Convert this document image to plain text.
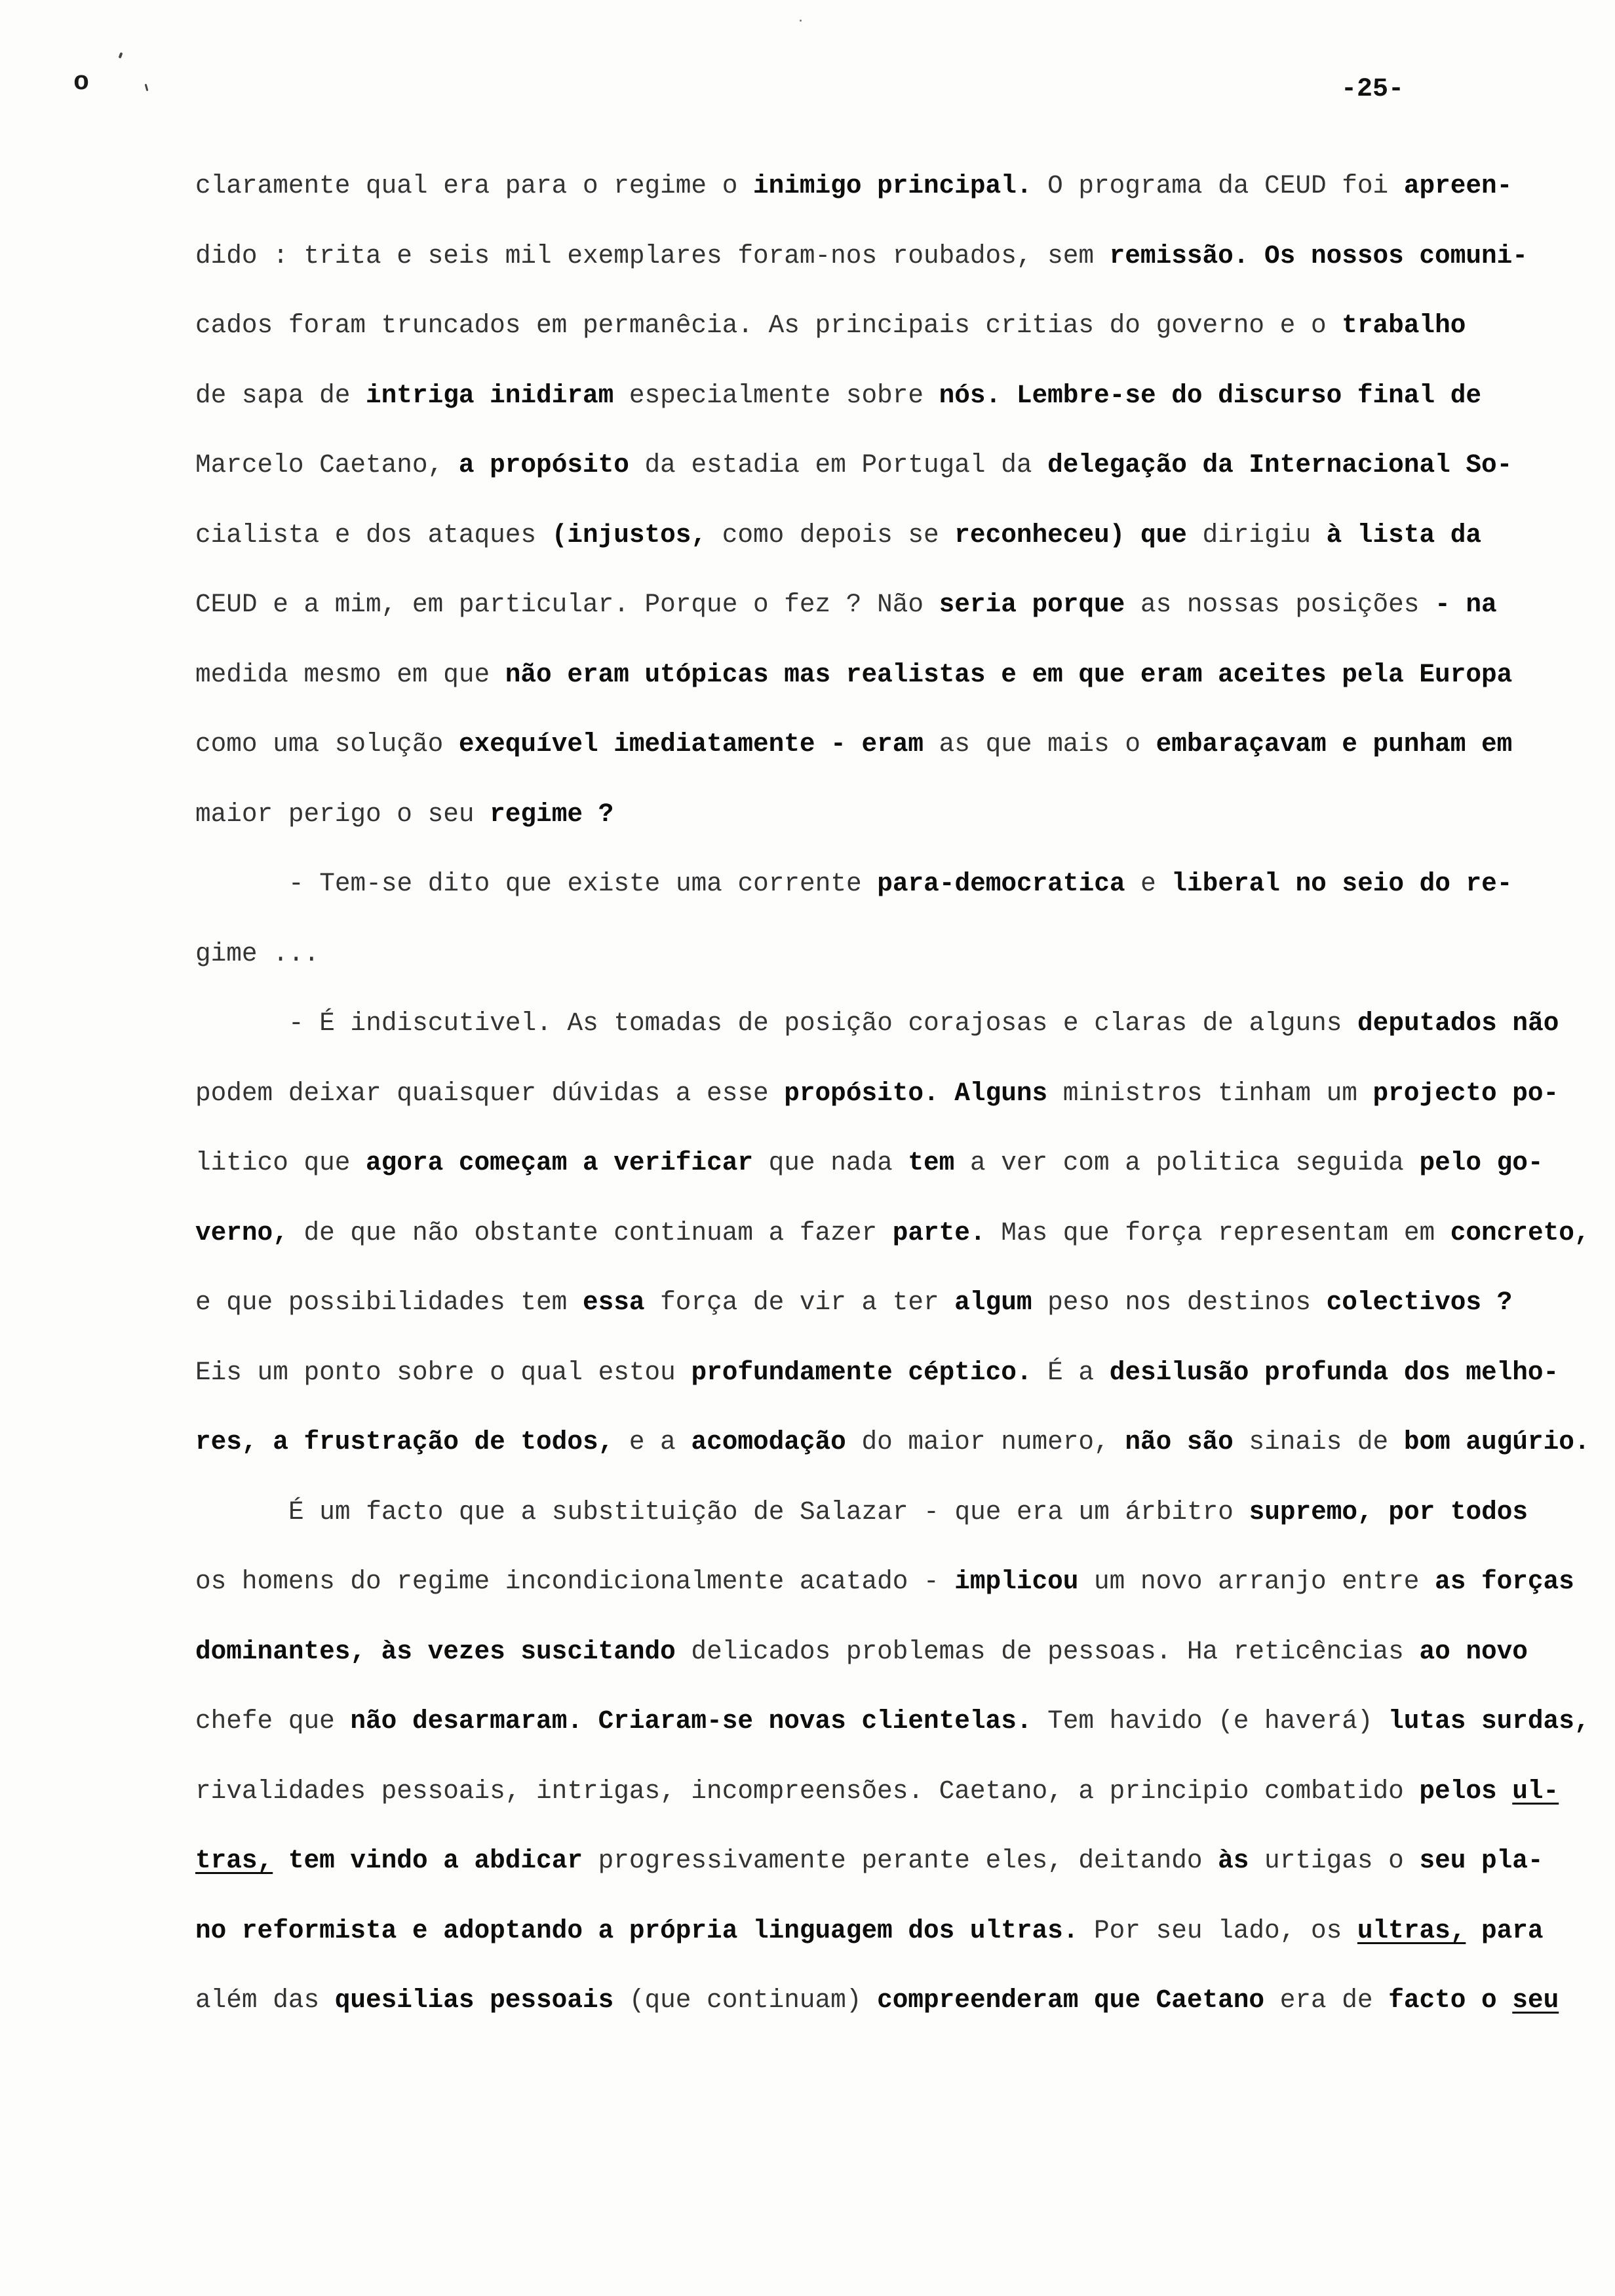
o	-25-
claramente qual era para o regime o inimigo principal. O programa da CEUD foi apreen-
dido : trita e seis mil exemplares foram-nos roubados, sem remissão. Os nossos comuni-
cados foram truncados em permanêcia. As principais critias do governo e o trabalho
de sapa de intriga inidiram especialmente sobre nós. Lembre-se do discurso final de
Marcelo Caetano, a propósito da estadia em Portugal da delegação da Internacional So-
cialista e dos ataques (injustos, como depois se reconheceu) que dirigiu à lista da
CEUD e a mim, em particular. Porque o fez ? Não seria porque as nossas posições - na
medida mesmo em que não eram utópicas mas realistas e em que eram aceites pela Europa
como uma solução exequível imediatamente - eram as que mais o embaraçavam e punham em
maior perigo o seu regime ?
- Tem-se dito que existe uma corrente para-democratica e liberal no seio do re-
gime ...
- É indiscutivel. As tomadas de posição corajosas e claras de alguns deputados não
podem deixar quaisquer dúvidas a esse propósito. Alguns ministros tinham um projecto po-
litico que agora começam a verificar que nada tem a ver com a politica seguida pelo go-
verno, de que não obstante continuam a fazer parte. Mas que força representam em concreto,
e que possibilidades tem essa força de vir a ter algum peso nos destinos colectivos ?
Eis um ponto sobre o qual estou profundamente céptico. É a desilusão profunda dos melho-
res, a frustração de todos, e a acomodação do maior numero, não são sinais de bom augúrio.
É um facto que a substituição de Salazar - que era um árbitro supremo, por todos
os homens do regime incondicionalmente acatado - implicou um novo arranjo entre as forças
dominantes, às vezes suscitando delicados problemas de pessoas. Ha reticências ao novo
chefe que não desarmaram. Criaram-se novas clientelas. Tem havido (e haverá) lutas surdas,
rivalidades pessoais, intrigas, incompreensões. Caetano, a principio combatido pelos ul-
tras, tem vindo a abdicar progressivamente perante eles, deitando às urtigas o seu pla-
no reformista e adoptando a própria linguagem dos ultras. Por seu lado, os ultras, para
além das quesilias pessoais (que continuam) compreenderam que Caetano era de facto o seu
